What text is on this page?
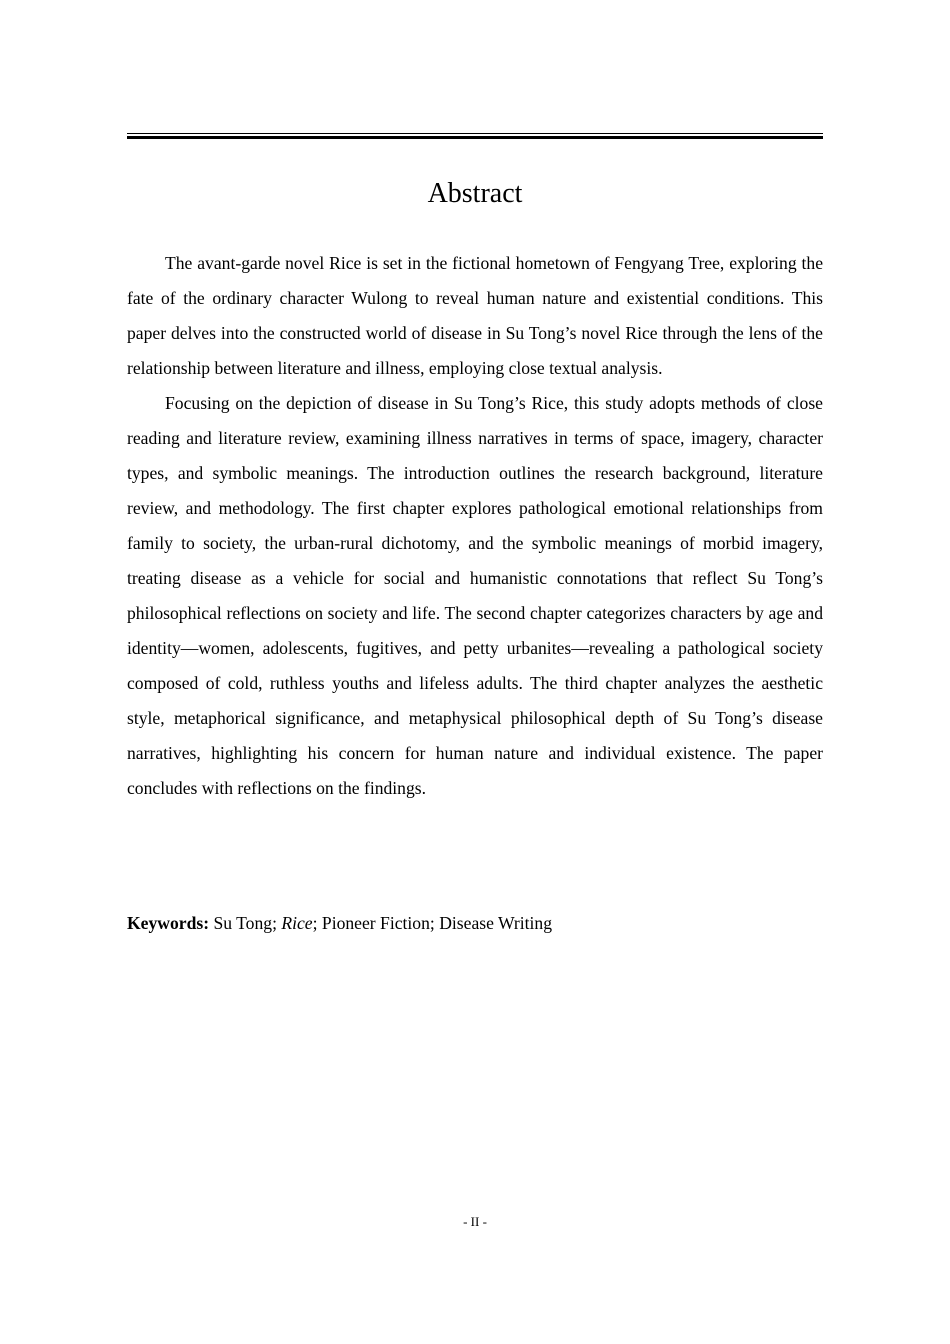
Abstract

The avant-garde novel Rice is set in the fictional hometown of Fengyang Tree, exploring the fate of the ordinary character Wulong to reveal human nature and existential conditions. This paper delves into the constructed world of disease in Su Tong’s novel Rice through the lens of the relationship between literature and illness, employing close textual analysis.

Focusing on the depiction of disease in Su Tong’s Rice, this study adopts methods of close reading and literature review, examining illness narratives in terms of space, imagery, character types, and symbolic meanings. The introduction outlines the research background, literature review, and methodology. The first chapter explores pathological emotional relationships from family to society, the urban-rural dichotomy, and the symbolic meanings of morbid imagery, treating disease as a vehicle for social and humanistic connotations that reflect Su Tong’s philosophical reflections on society and life. The second chapter categorizes characters by age and identity—women, adolescents, fugitives, and petty urbanites—revealing a pathological society composed of cold, ruthless youths and lifeless adults. The third chapter analyzes the aesthetic style, metaphorical significance, and metaphysical philosophical depth of Su Tong’s disease narratives, highlighting his concern for human nature and individual existence. The paper concludes with reflections on the findings.

Keywords: Su Tong; Rice; Pioneer Fiction; Disease Writing
- II -
